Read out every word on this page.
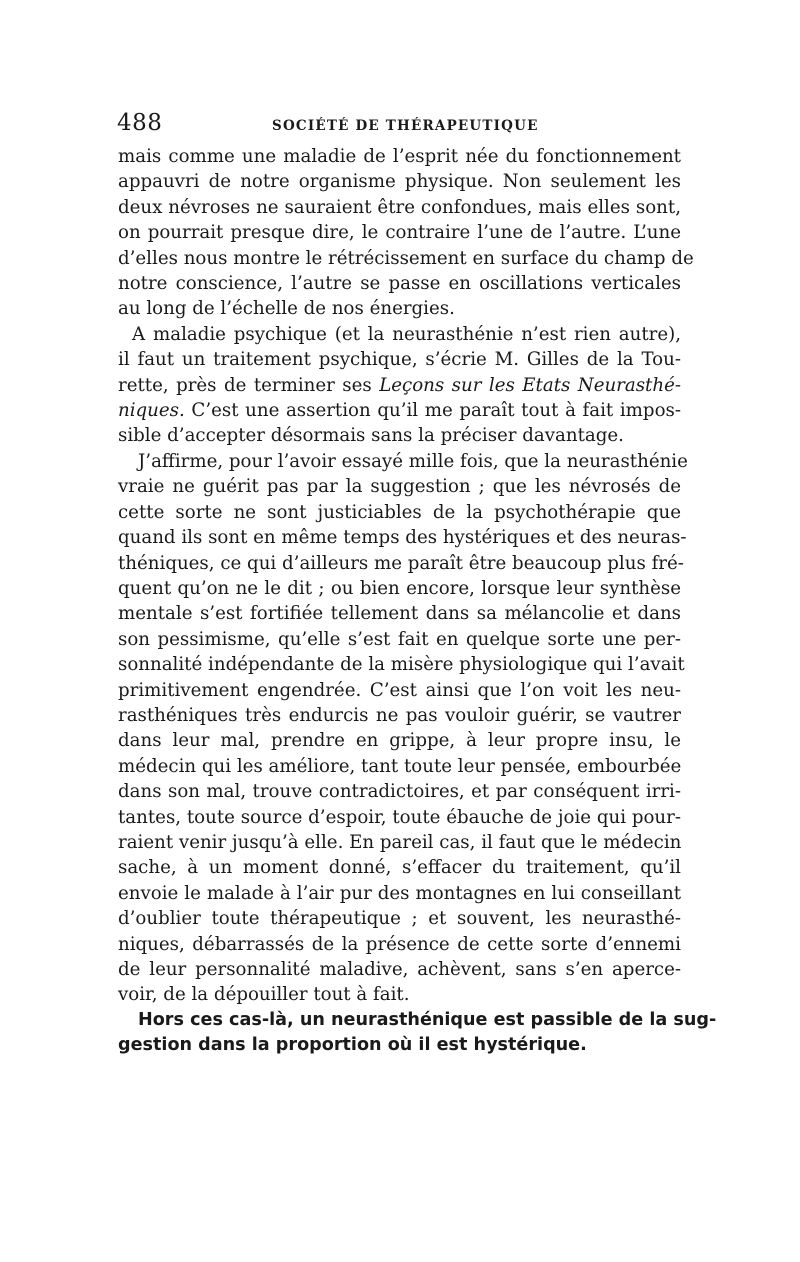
488	SOCIÉTÉ DE THÉRAPEUTIQUE
mais comme une maladie de l’esprit née du fonctionnement
appauvri de notre organisme physique. Non seulement les
deux névroses ne sauraient être confondues, mais elles sont,
on pourrait presque dire, le contraire l’une de l’autre. L’une
d’elles nous montre le rétrécissement en surface du champ de
notre conscience, l’autre se passe en oscillations verticales
au long de l’échelle de nos énergies.
A maladie psychique (et la neurasthénie n’est rien autre),
il faut un traitement psychique, s’écrie M. Gilles de la Tou-
rette, près de terminer ses Leçons sur les Etats Neurasthé-
niques. C’est une assertion qu’il me paraît tout à fait impos-
sible d’accepter désormais sans la préciser davantage.
J’affirme, pour l’avoir essayé mille fois, que la neurasthénie
vraie ne guérit pas par la suggestion ; que les névrosés de
cette sorte ne sont justiciables de la psychothérapie que
quand ils sont en même temps des hystériques et des neuras-
théniques, ce qui d’ailleurs me paraît être beaucoup plus fré-
quent qu’on ne le dit ; ou bien encore, lorsque leur synthèse
mentale s’est fortifiée tellement dans sa mélancolie et dans
son pessimisme, qu’elle s’est fait en quelque sorte une per-
sonnalité indépendante de la misère physiologique qui l’avait
primitivement engendrée. C’est ainsi que l’on voit les neu-
rasthéniques très endurcis ne pas vouloir guérir, se vautrer
dans leur mal, prendre en grippe, à leur propre insu, le
médecin qui les améliore, tant toute leur pensée, embourbée
dans son mal, trouve contradictoires, et par conséquent irri-
tantes, toute source d’espoir, toute ébauche de joie qui pour-
raient venir jusqu’à elle. En pareil cas, il faut que le médecin
sache, à un moment donné, s’effacer du traitement, qu’il
envoie le malade à l’air pur des montagnes en lui conseillant
d’oublier toute thérapeutique ; et souvent, les neurasthé-
niques, débarrassés de la présence de cette sorte d’ennemi
de leur personnalité maladive, achèvent, sans s’en aperce-
voir, de la dépouiller tout à fait.
Hors ces cas-là, un neurasthénique est passible de la sug-
gestion dans la proportion où il est hystérique.
